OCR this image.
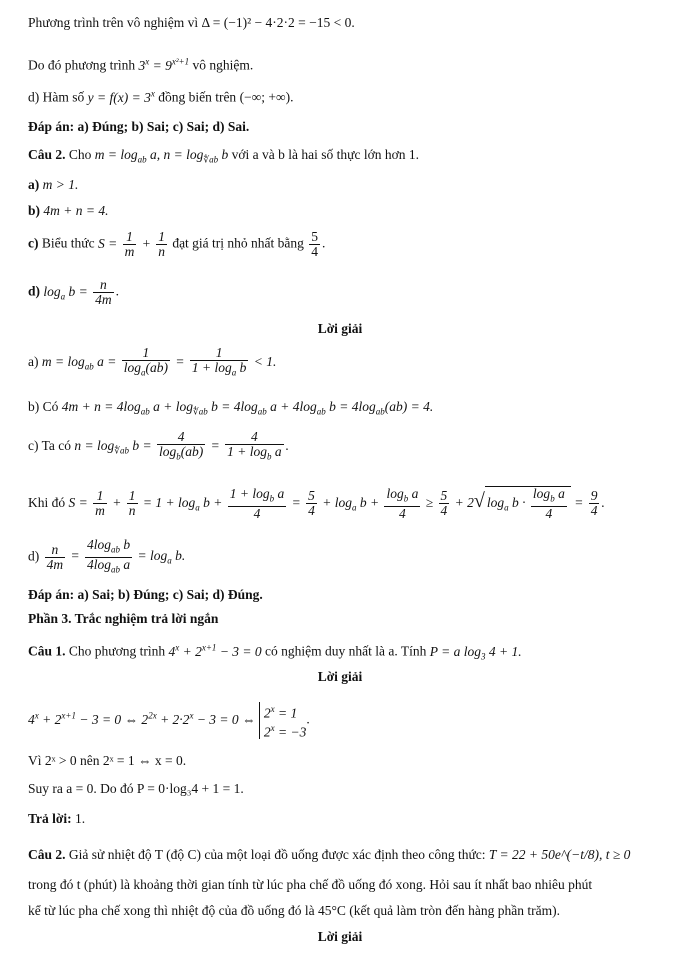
Phương trình trên vô nghiệm vì Δ = (−1)² − 4·2·2 = −15 < 0.
Do đó phương trình $3^x = 9^{x^2+1}$ vô nghiệm.
d) Hàm số $y = f(x) = 3^x$ đồng biến trên (−∞; +∞).
Đáp án: a) Đúng; b) Sai; c) Sai; d) Sai.
Câu 2. Cho $m = \log_{ab} a$, $n = \log_{∜ab} b$ với a và b là hai số thực lớn hơn 1.
a) m > 1.
b) 4m + n = 4.
c) Biểu thức $S = \frac{1}{m} + \frac{1}{n}$ đạt giá trị nhỏ nhất bằng $\frac{5}{4}$ .
d) $\log_a b = \frac{n}{4m}$ .
Lời giải
a) $m = \log_{ab} a = \frac{1}{\log_a(ab)} = \frac{1}{1 + \log_a b} < 1$.
b) Có $4m + n = 4\log_{ab}$ $a + \log_{∜ab} b = 4\log_{ab}$ $a + 4\log_{ab}$ $b = 4\log_{ab}(ab) = 4$.
c) Ta có $n = \log_{∜ab} b = \frac{4}{\log_b(ab)} = \frac{4}{1 + \log_b a}$ .
Khi đó $S = \frac{1}{m} + \frac{1}{n} = 1 + \log_a b + \frac{1 + \log_b a}{4} = \frac{5}{4} + \log_a b + \frac{\log_b a}{4} \ge \frac{5}{4} + 2√$ $\log_a b \cdot \frac{\log_b a}{4} = \frac{9}{4}$ .
$d) \frac{n}{4m} = \frac{4\log_{ab} b}{4\log_{ab} a} = \log_a b$.
Đáp án: a) Sai; b) Đúng; c) Sai; d) Đúng.
Phần 3. Trắc nghiệm trả lời ngắn
Câu 1. Cho phương trình $4^x + 2^{x+1} - 3 = 0$ có nghiệm duy nhất là a. Tính P = a $\log_3 4 + 1$.
Lời giải
$4^x + 2^{x+1} - 3 = 0$ ⇔ $2^{2x} + 2\cdot 2^x - 3 = 0$ ⇔ $2^x = 1$
$2^x = -3$.
Vì 2ˣ > 0 nên 2ˣ = 1 ⇔ x = 0.
Suy ra a = 0. Do đó P = 0·log₃4 + 1 = 1.
Trả lời: 1.
Câu 2. Giả sử nhiệt độ T (độ C) của một loại đồ uống được xác định theo công thức: T = 22 + 50e^(−t/8), t ≥ 0
trong đó t (phút) là khoảng thời gian tính từ lúc pha chế đồ uống đó xong. Hỏi sau ít nhất bao nhiêu phút
kể từ lúc pha chế xong thì nhiệt độ của đồ uống đó là 45°C (kết quả làm tròn đến hàng phần trăm).
Lời giải
